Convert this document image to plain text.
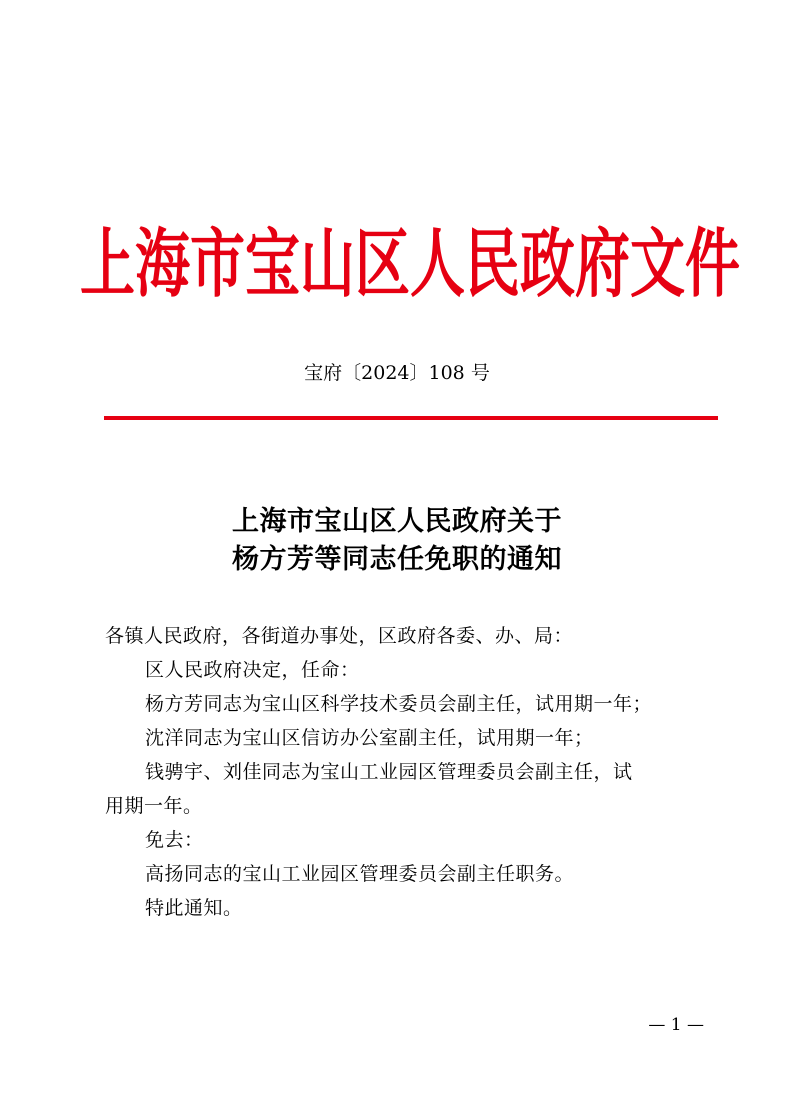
上海市宝山区人民政府文件
宝府〔2024〕108 号
上海市宝山区人民政府关于
杨方芳等同志任免职的通知

各镇人民政府，各街道办事处，区政府各委、办、局：

区人民政府决定，任命：

杨方芳同志为宝山区科学技术委员会副主任，试用期一年；

沈洋同志为宝山区信访办公室副主任，试用期一年；

钱骋宇、刘佳同志为宝山工业园区管理委员会副主任，试

用期一年。

免去：

高扬同志的宝山工业园区管理委员会副主任职务。

特此通知。

— 1 —
